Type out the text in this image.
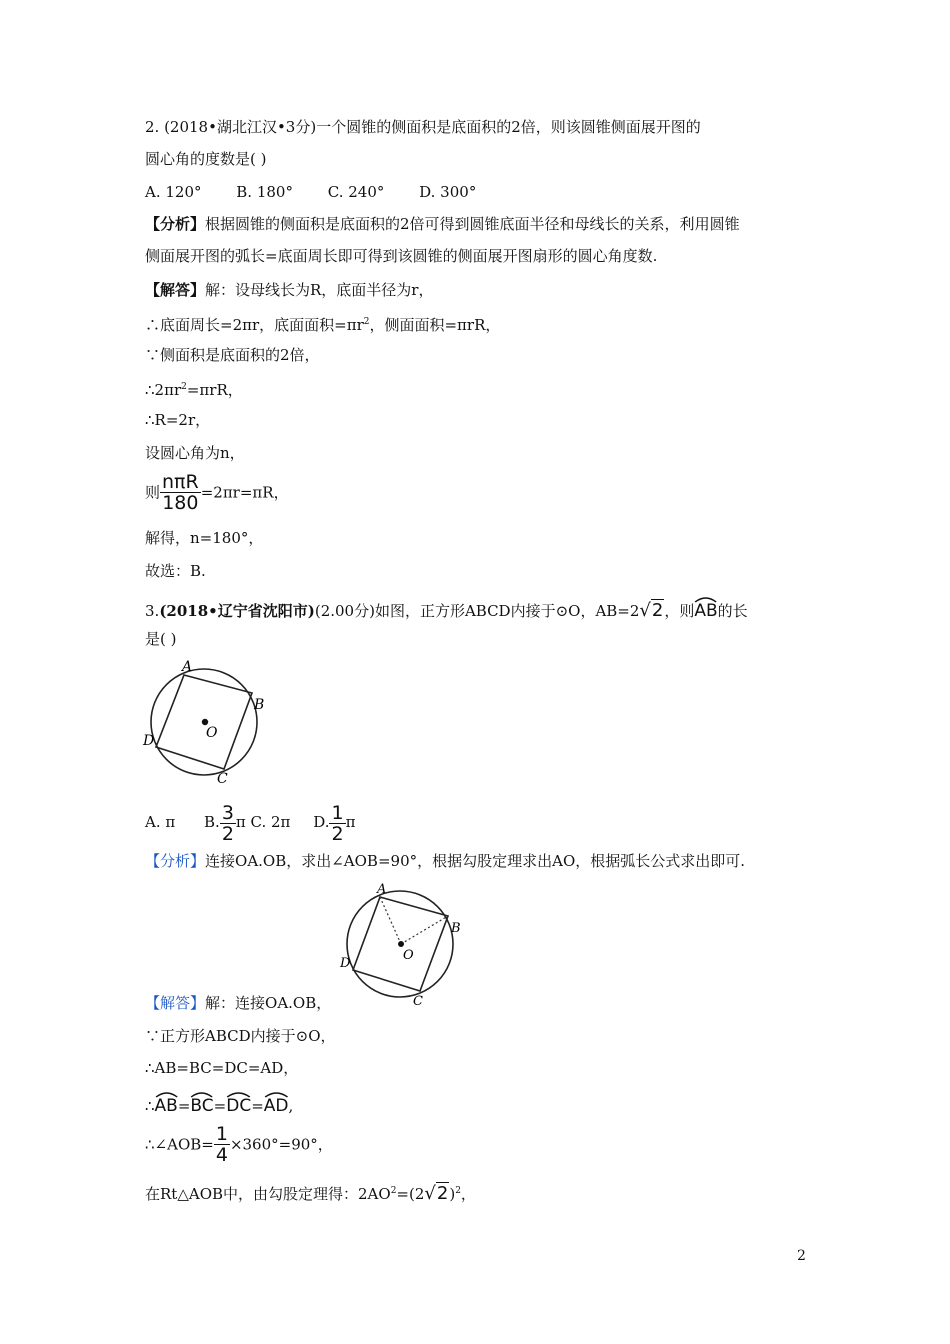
2. (2018•湖北江汉•3分)一个圆锥的侧面积是底面积的2倍，则该圆锥侧面展开图的
圆心角的度数是( )
A. 120° B. 180° C. 240° D. 300°
【分析】根据圆锥的侧面积是底面积的2倍可得到圆锥底面半径和母线长的关系，利用圆锥
侧面展开图的弧长=底面周长即可得到该圆锥的侧面展开图扇形的圆心角度数.
【解答】解：设母线长为R，底面半径为r，
∴底面周长=2πr，底面面积$=\pi r^2$，侧面面积=πrR，
∵侧面积是底面积的2倍，
$\therefore 2\pi r^2=\pi rR$，
∴R=2r，
设圆心角为n，
则 $\frac{\text{nπR}}{180} =2\pi r=\pi R$，
解得，n=180°，
故选：B.
3.(2018•辽宁省沈阳市)(2.00分)如图，正方形ABCD内接于⊙O，AB=2√2，则
AB的长
是( )
A
B
C
D	O
A. π B. $\frac{3}{2}$ π C. 2π D. $\frac{1}{2}$ π
【分析】连接OA.OB，求出∠AOB=90°，根据勾股定理求出AO，根据弧长公式求出即可.
A
B
C
D
O
【解答】解：连接OA.OB，
∵正方形ABCD内接于⊙O，
∴AB=BC=DC=AD，
∴
AB=
BC=
DC=
AD,
∴∠AOB= $\frac{1}{4} \times 360^\circ=90^\circ$，
在Rt△AOB中，由勾股定理得：$2AO^2=(2√2)^2$，
2
